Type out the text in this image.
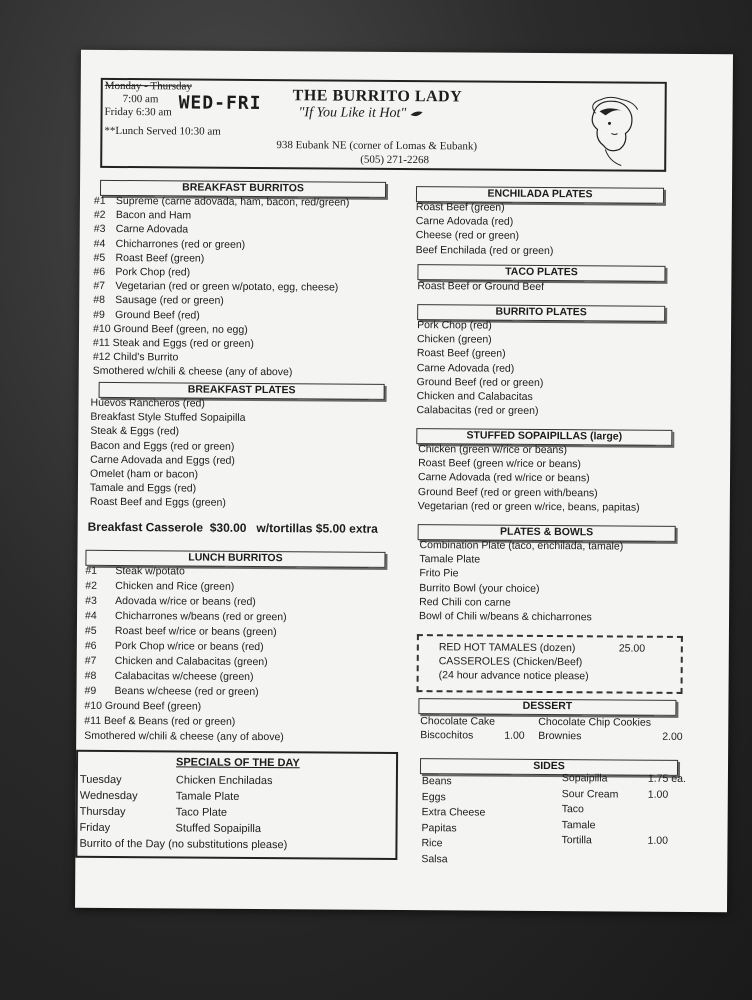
Monday - Thursday
7:00 am
Friday 6:30 am
**Lunch Served 10:30 am
WED-FRI THE BURRITO LADY
"If You Like it Hot"
938 Eubank NE (corner of Lomas & Eubank)
(505) 271-2268
BREAKFAST BURRITOS
#1 Supreme (carne adovada, ham, bacon, red/green)
#2 Bacon and Ham
#3 Carne Adovada
#4 Chicharrones (red or green)
#5 Roast Beef (green)
#6 Pork Chop (red)
#7 Vegetarian (red or green w/potato, egg, cheese)
#8 Sausage (red or green)
#9 Ground Beef (red)
#10 Ground Beef (green, no egg)
#11 Steak and Eggs (red or green)
#12 Child's Burrito
Smothered w/chili & cheese (any of above)
BREAKFAST PLATES
Huevos Rancheros (red)
Breakfast Style Stuffed Sopaipilla
Steak & Eggs (red)
Bacon and Eggs (red or green)
Carne Adovada and Eggs (red)
Omelet (ham or bacon)
Tamale and Eggs (red)
Roast Beef and Eggs (green)
Breakfast Casserole $30.00 w/tortillas $5.00 extra
LUNCH BURRITOS
#1 Steak w/potato
#2 Chicken and Rice (green)
#3 Adovada w/rice or beans (red)
#4 Chicharrones w/beans (red or green)
#5 Roast beef w/rice or beans (green)
#6 Pork Chop w/rice or beans (red)
#7 Chicken and Calabacitas (green)
#8 Calabacitas w/cheese (green)
#9 Beans w/cheese (red or green)
#10 Ground Beef (green)
#11 Beef & Beans (red or green)
Smothered w/chili & cheese (any of above)
SPECIALS OF THE DAY
Tuesday	Chicken Enchiladas
Wednesday	Tamale Plate
Thursday	Taco Plate
Friday	Stuffed Sopaipilla
Burrito of the Day (no substitutions please)
ENCHILADA PLATES
Roast Beef (green)
Carne Adovada (red)
Cheese (red or green)
Beef Enchilada (red or green)
TACO PLATES
Roast Beef or Ground Beef
BURRITO PLATES
Pork Chop (red)
Chicken (green)
Roast Beef (green)
Carne Adovada (red)
Ground Beef (red or green)
Chicken and Calabacitas
Calabacitas (red or green)
STUFFED SOPAIPILLAS (large)
Chicken (green w/rice or beans)
Roast Beef (green w/rice or beans)
Carne Adovada (red w/rice or beans)
Ground Beef (red or green with/beans)
Vegetarian (red or green w/rice, beans, papitas)
PLATES & BOWLS
Combination Plate (taco, enchilada, tamale)
Tamale Plate
Frito Pie
Burrito Bowl (your choice)
Red Chili con carne
Bowl of Chili w/beans & chicharrones
RED HOT TAMALES (dozen)	25.00
CASSEROLES (Chicken/Beef)
(24 hour advance notice please)
DESSERT
Chocolate Cake	Chocolate Chip Cookies
Biscochitos	1.00 Brownies	2.00
SIDES
Beans
Eggs
Extra Cheese
Papitas
Rice
Salsa
Sopaipilla	1.75 ea.
Sour Cream	1.00
Taco
Tamale
Tortilla	1.00
